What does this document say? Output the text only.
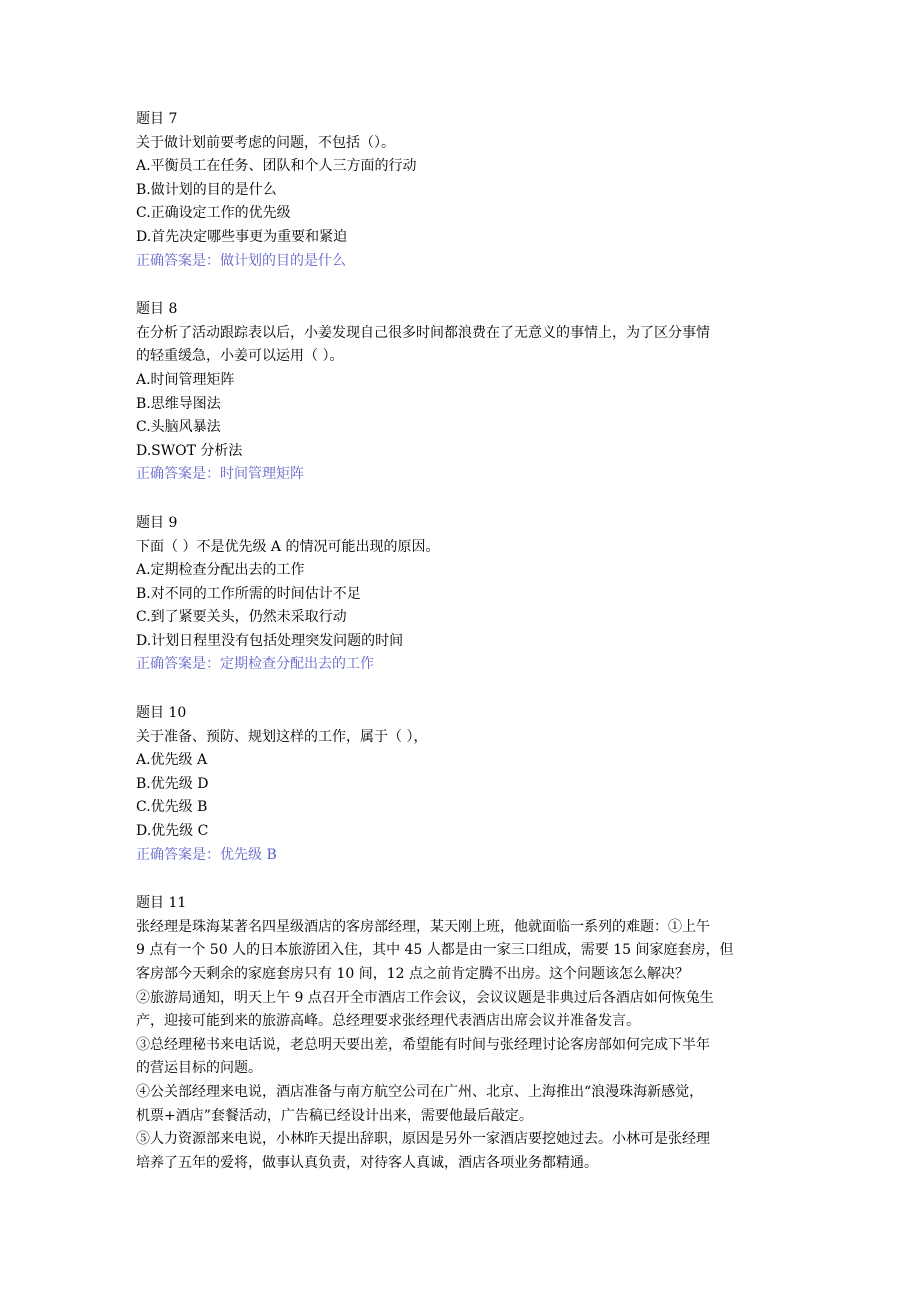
题目 7
关于做计划前要考虑的问题，不包括（）。
A.平衡员工在任务、团队和个人三方面的行动
B.做计划的目的是什么
C.正确设定工作的优先级
D.首先决定哪些事更为重要和紧迫
正确答案是：做计划的目的是什么
题目 8
在分析了活动跟踪表以后，小姜发现自己很多时间都浪费在了无意义的事情上，为了区分事情
的轻重缓急，小姜可以运用（ ）。
A.时间管理矩阵
B.思维导图法
C.头脑风暴法
D.SWOT 分析法
正确答案是：时间管理矩阵
题目 9
下面（ ）不是优先级 A 的情况可能出现的原因。
A.定期检查分配出去的工作
B.对不同的工作所需的时间估计不足
C.到了紧要关头，仍然未采取行动
D.计划日程里没有包括处理突发问题的时间
正确答案是：定期检查分配出去的工作
题目 10
关于准备、预防、规划这样的工作，属于（ ），
A.优先级 A
B.优先级 D
C.优先级 B
D.优先级 C
正确答案是：优先级 B
题目 11
张经理是珠海某著名四星级酒店的客房部经理，某天刚上班，他就面临一系列的难题：①上午
9 点有一个 50 人的日本旅游团入住，其中 45 人都是由一家三口组成，需要 15 间家庭套房，但
客房部今天剩余的家庭套房只有 10 间，12 点之前肯定腾不出房。这个问题该怎么解决？
②旅游局通知，明天上午 9 点召开全市酒店工作会议，会议议题是非典过后各酒店如何恢兔生
产，迎接可能到来的旅游高峰。总经理要求张经理代表酒店出席会议并准备发言。
③总经理秘书来电话说，老总明天要出差，希望能有时间与张经理讨论客房部如何完成下半年
的营运目标的问题。
④公关部经理来电说，酒店准备与南方航空公司在广州、北京、上海推出“浪漫珠海新感觉，
机票+酒店”套餐活动，广告稿已经设计出来，需要他最后敲定。
⑤人力资源部来电说，小林昨天提出辞职，原因是另外一家酒店要挖她过去。小林可是张经理
培养了五年的爱将，做事认真负责，对待客人真诚，酒店各项业务都精通。
